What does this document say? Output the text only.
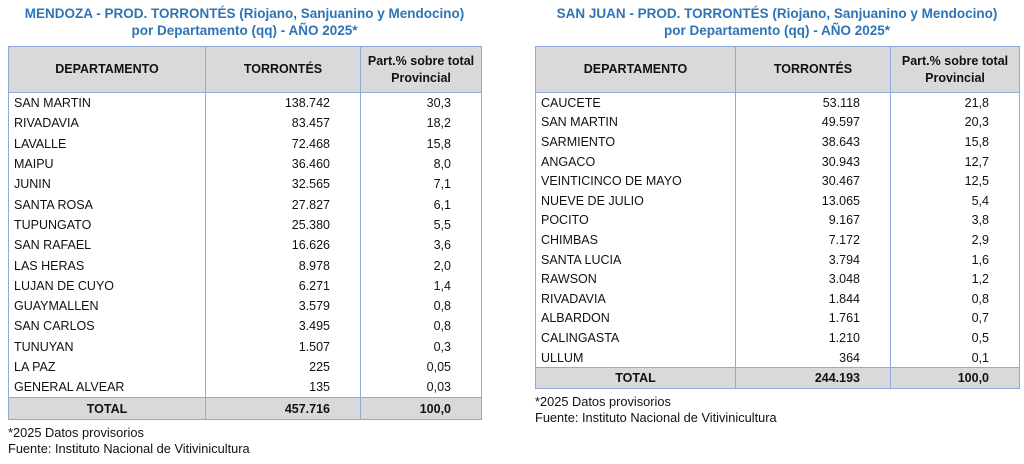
MENDOZA - PROD. TORRONTÉS (Riojano, Sanjuanino y Mendocino)
por Departamento (qq) - AÑO 2025*
DEPARTAMENTO	TORRONTÉS	Part.% sobre total
Provincial
SAN MARTIN	138.742	30,3
RIVADAVIA	83.457	18,2
LAVALLE	72.468	15,8
MAIPU	36.460	8,0
JUNIN	32.565	7,1
SANTA ROSA	27.827	6,1
TUPUNGATO	25.380	5,5
SAN RAFAEL	16.626	3,6
LAS HERAS	8.978	2,0
LUJAN DE CUYO	6.271	1,4
GUAYMALLEN	3.579	0,8
SAN CARLOS	3.495	0,8
TUNUYAN	1.507	0,3
LA PAZ	225	0,05
GENERAL ALVEAR	135	0,03
TOTAL	457.716	100,0
*2025 Datos provisorios
Fuente: Instituto Nacional de Vitivinicultura
SAN JUAN - PROD. TORRONTÉS (Riojano, Sanjuanino y Mendocino)
por Departamento (qq) - AÑO 2025*
DEPARTAMENTO	TORRONTÉS	Part.% sobre total
Provincial
CAUCETE	53.118	21,8
SAN MARTIN	49.597	20,3
SARMIENTO	38.643	15,8
ANGACO	30.943	12,7
VEINTICINCO DE MAYO	30.467	12,5
NUEVE DE JULIO	13.065	5,4
POCITO	9.167	3,8
CHIMBAS	7.172	2,9
SANTA LUCIA	3.794	1,6
RAWSON	3.048	1,2
RIVADAVIA	1.844	0,8
ALBARDON	1.761	0,7
CALINGASTA	1.210	0,5
ULLUM	364	0,1
TOTAL	244.193	100,0
*2025 Datos provisorios
Fuente: Instituto Nacional de Vitivinicultura
